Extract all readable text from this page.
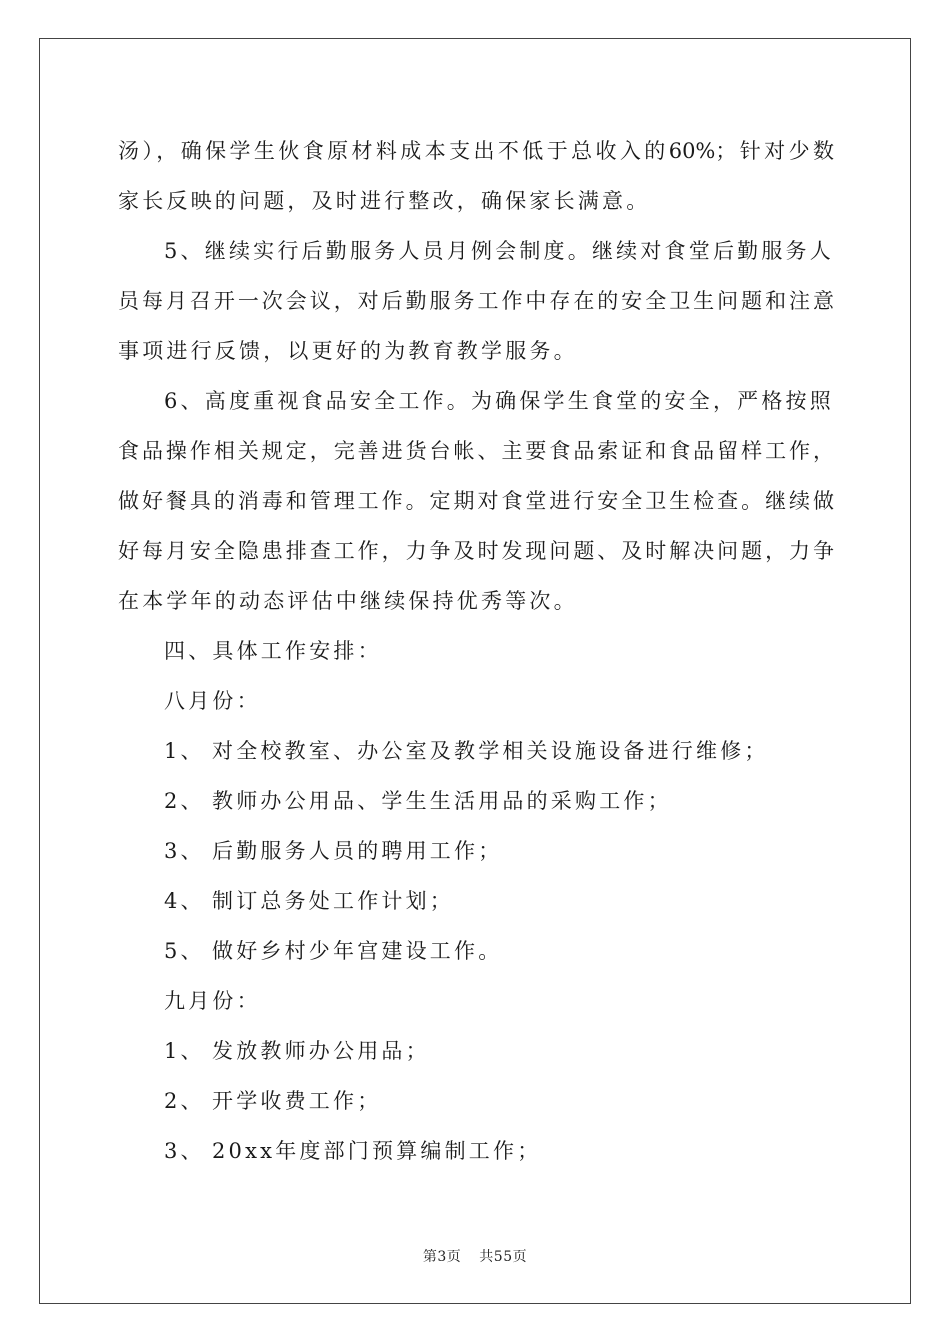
汤），确保学生伙食原材料成本支出不低于总收入的60%；针对少数
家长反映的问题，及时进行整改，确保家长满意。
5、继续实行后勤服务人员月例会制度。继续对食堂后勤服务人
员每月召开一次会议，对后勤服务工作中存在的安全卫生问题和注意
事项进行反馈，以更好的为教育教学服务。
6、高度重视食品安全工作。为确保学生食堂的安全，严格按照
食品操作相关规定，完善进货台帐、主要食品索证和食品留样工作，
做好餐具的消毒和管理工作。定期对食堂进行安全卫生检查。继续做
好每月安全隐患排查工作，力争及时发现问题、及时解决问题，力争
在本学年的动态评估中继续保持优秀等次。
四、具体工作安排：
八月份：
1、 对全校教室、办公室及教学相关设施设备进行维修；
2、 教师办公用品、学生生活用品的采购工作；
3、 后勤服务人员的聘用工作；
4、 制订总务处工作计划；
5、 做好乡村少年宫建设工作。
九月份：
1、 发放教师办公用品；
2、 开学收费工作；
3、 20xx年度部门预算编制工作；
第3页 共55页
